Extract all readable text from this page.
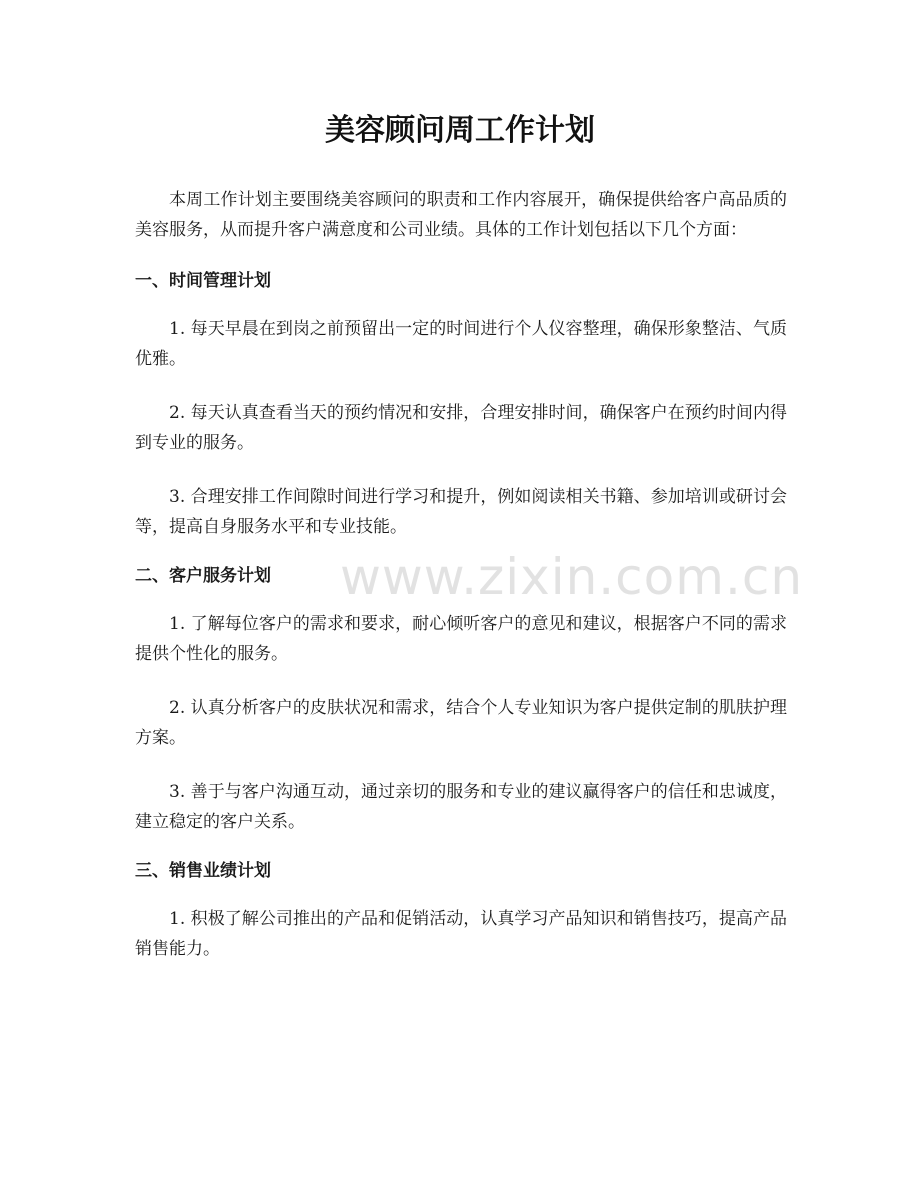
美容顾问周工作计划

本周工作计划主要围绕美容顾问的职责和工作内容展开，确保提供给客户高品质的美容服务，从而提升客户满意度和公司业绩。具体的工作计划包括以下几个方面：

一、时间管理计划

1. 每天早晨在到岗之前预留出一定的时间进行个人仪容整理，确保形象整洁、气质优雅。

2. 每天认真查看当天的预约情况和安排，合理安排时间，确保客户在预约时间内得到专业的服务。

3. 合理安排工作间隙时间进行学习和提升，例如阅读相关书籍、参加培训或研讨会等，提高自身服务水平和专业技能。

二、客户服务计划

1. 了解每位客户的需求和要求，耐心倾听客户的意见和建议，根据客户不同的需求提供个性化的服务。

2. 认真分析客户的皮肤状况和需求，结合个人专业知识为客户提供定制的肌肤护理方案。

3. 善于与客户沟通互动，通过亲切的服务和专业的建议赢得客户的信任和忠诚度，建立稳定的客户关系。

三、销售业绩计划

1. 积极了解公司推出的产品和促销活动，认真学习产品知识和销售技巧，提高产品销售能力。

www.zixin.com.cn
